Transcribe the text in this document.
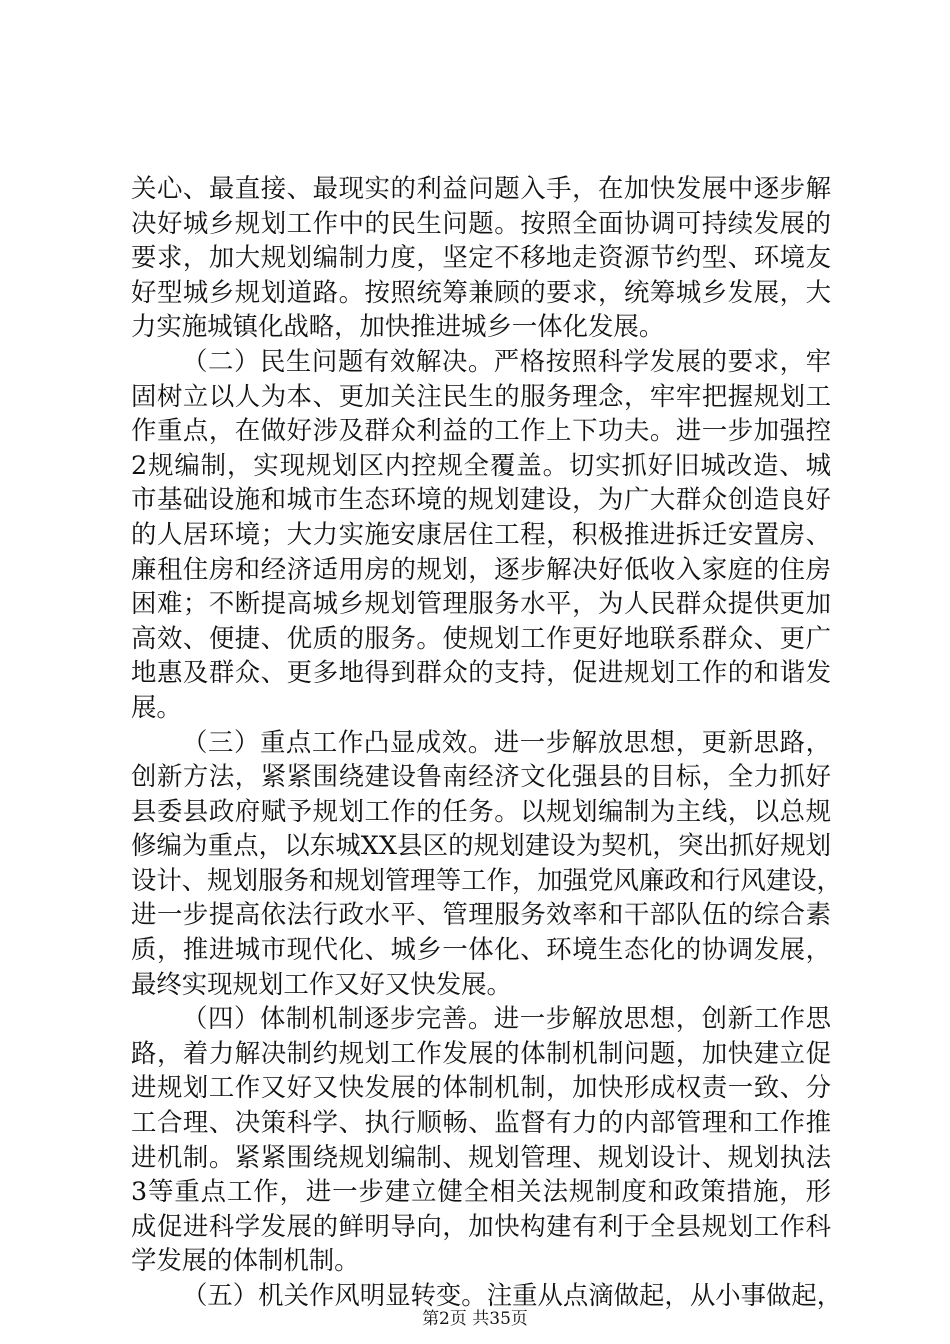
关心、最直接、最现实的利益问题入手，在加快发展中逐步解
决好城乡规划工作中的民生问题。按照全面协调可持续发展的
要求，加大规划编制力度，坚定不移地走资源节约型、环境友
好型城乡规划道路。按照统筹兼顾的要求，统筹城乡发展，大
力实施城镇化战略，加快推进城乡一体化发展。
（二）民生问题有效解决。严格按照科学发展的要求，牢
固树立以人为本、更加关注民生的服务理念，牢牢把握规划工
作重点，在做好涉及群众利益的工作上下功夫。进一步加强控
2规编制，实现规划区内控规全覆盖。切实抓好旧城改造、城
市基础设施和城市生态环境的规划建设，为广大群众创造良好
的人居环境；大力实施安康居住工程，积极推进拆迁安置房、
廉租住房和经济适用房的规划，逐步解决好低收入家庭的住房
困难；不断提高城乡规划管理服务水平，为人民群众提供更加
高效、便捷、优质的服务。使规划工作更好地联系群众、更广
地惠及群众、更多地得到群众的支持，促进规划工作的和谐发
展。
（三）重点工作凸显成效。进一步解放思想，更新思路，
创新方法，紧紧围绕建设鲁南经济文化强县的目标，全力抓好
县委县政府赋予规划工作的任务。以规划编制为主线，以总规
修编为重点，以东城XX县区的规划建设为契机，突出抓好规划
设计、规划服务和规划管理等工作，加强党风廉政和行风建设，
进一步提高依法行政水平、管理服务效率和干部队伍的综合素
质，推进城市现代化、城乡一体化、环境生态化的协调发展，
最终实现规划工作又好又快发展。
（四）体制机制逐步完善。进一步解放思想，创新工作思
路，着力解决制约规划工作发展的体制机制问题，加快建立促
进规划工作又好又快发展的体制机制，加快形成权责一致、分
工合理、决策科学、执行顺畅、监督有力的内部管理和工作推
进机制。紧紧围绕规划编制、规划管理、规划设计、规划执法
3等重点工作，进一步建立健全相关法规制度和政策措施，形
成促进科学发展的鲜明导向，加快构建有利于全县规划工作科
学发展的体制机制。
（五）机关作风明显转变。注重从点滴做起，从小事做起，
第2页 共35页
